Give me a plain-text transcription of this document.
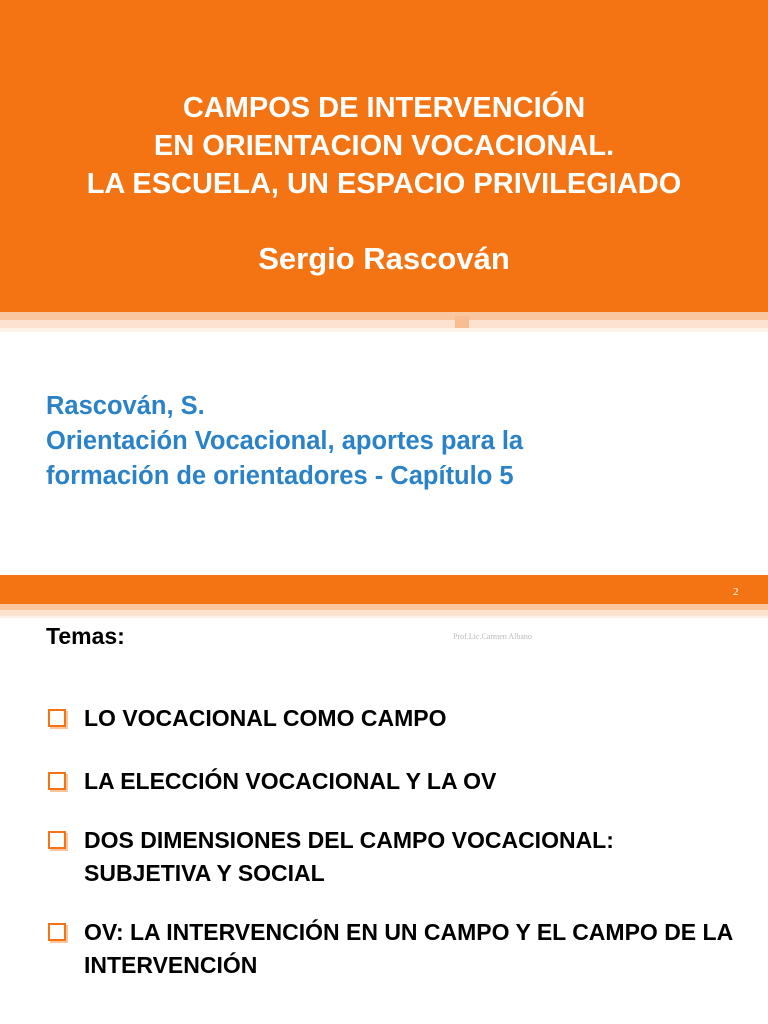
CAMPOS DE INTERVENCIÓN
EN ORIENTACION VOCACIONAL.
LA ESCUELA, UN ESPACIO PRIVILEGIADO
Sergio Rascován
Rascován, S.
Orientación Vocacional, aportes para la
formación de orientadores - Capítulo 5
2
Temas:	Prof.Lic.Carmen Albano
LO VOCACIONAL COMO CAMPO
LA ELECCIÓN VOCACIONAL Y LA OV
DOS DIMENSIONES DEL CAMPO VOCACIONAL: SUBJETIVA Y SOCIAL
OV: LA INTERVENCIÓN EN UN CAMPO Y EL CAMPO DE LA INTERVENCIÓN
